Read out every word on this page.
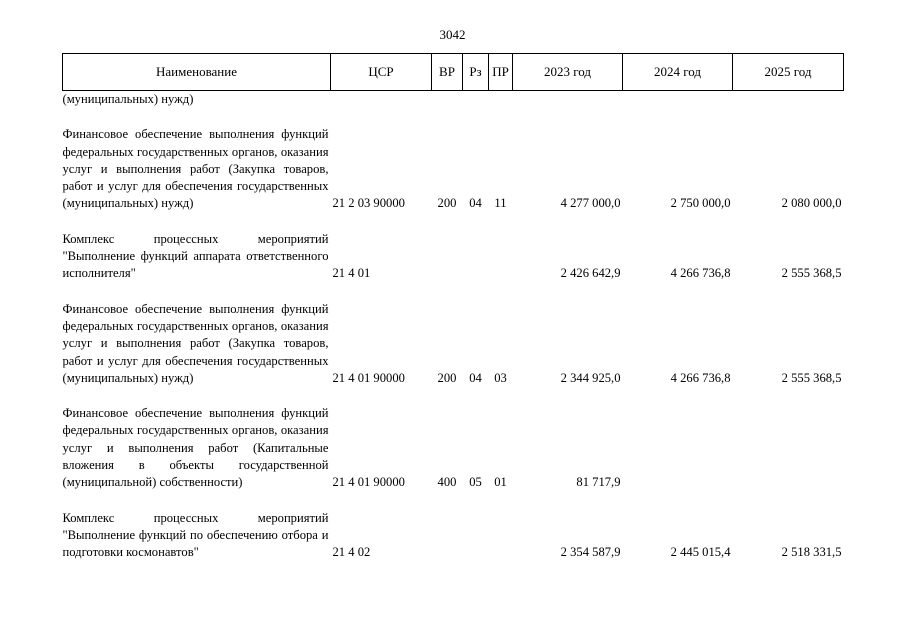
3042
Наименование	ЦСР	ВР	Рз	ПР	2023 год	2024 год	2025 год
(муниципальных) нужд)							

Финансовое обеспечение выполнения функций федеральных государственных органов, оказания услуг и выполнения работ (Закупка товаров, работ и услуг для обеспечения государственных (муниципальных) нужд)	21 2 03 90000	200	04	11	4 277 000,0	2 750 000,0	2 080 000,0

Комплекс процессных мероприятий "Выполнение функций аппарата ответственного исполнителя"	21 4 01				2 426 642,9	4 266 736,8	2 555 368,5

Финансовое обеспечение выполнения функций федеральных государственных органов, оказания услуг и выполнения работ (Закупка товаров, работ и услуг для обеспечения государственных (муниципальных) нужд)	21 4 01 90000	200	04	03	2 344 925,0	4 266 736,8	2 555 368,5

Финансовое обеспечение выполнения функций федеральных государственных органов, оказания услуг и выполнения работ (Капитальные вложения в объекты государственной (муниципальной) собственности)	21 4 01 90000	400	05	01	81 717,9		

Комплекс процессных мероприятий "Выполнение функций по обеспечению отбора и подготовки космонавтов"	21 4 02				2 354 587,9	2 445 015,4	2 518 331,5
